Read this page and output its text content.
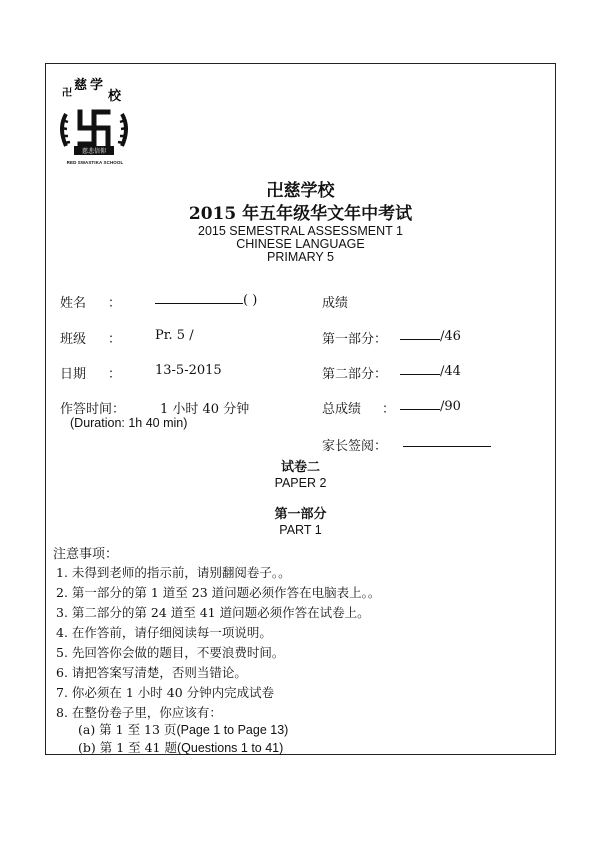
卍
慈 学
校
慈悲信仰
RED SWASTIKA SCHOOL
卍慈学校
2015 年五年级华文年中考试
2015 SEMESTRAL ASSESSMENT 1
CHINESE LANGUAGE
PRIMARY 5
姓名 ：	( )	成绩
班级 ：	Pr. 5 /	第一部分：	/46
日期 ：	13-5-2015	第二部分：	/44
作答时间：	1 小时 40 分钟
(Duration: 1h 40 min)
总成绩 ：	/90
家长签阅：
试卷二
PAPER 2
第一部分
PART 1
注意事项：
1. 未得到老师的指示前，请别翻阅卷子。。
2. 第一部分的第 1 道至 23 道问题必须作答在电脑表上。。
3. 第二部分的第 24 道至 41 道问题必须作答在试卷上。
4. 在作答前，请仔细阅读每一项说明。
5. 先回答你会做的题目，不要浪费时间。
6. 请把答案写清楚，否则当错论。
7. 你必须在 1 小时 40 分钟内完成试卷
8. 在整份卷子里，你应该有：
(a) 第 1 至 13 页(Page 1 to Page 13)
(b) 第 1 至 41 题(Questions 1 to 41)
